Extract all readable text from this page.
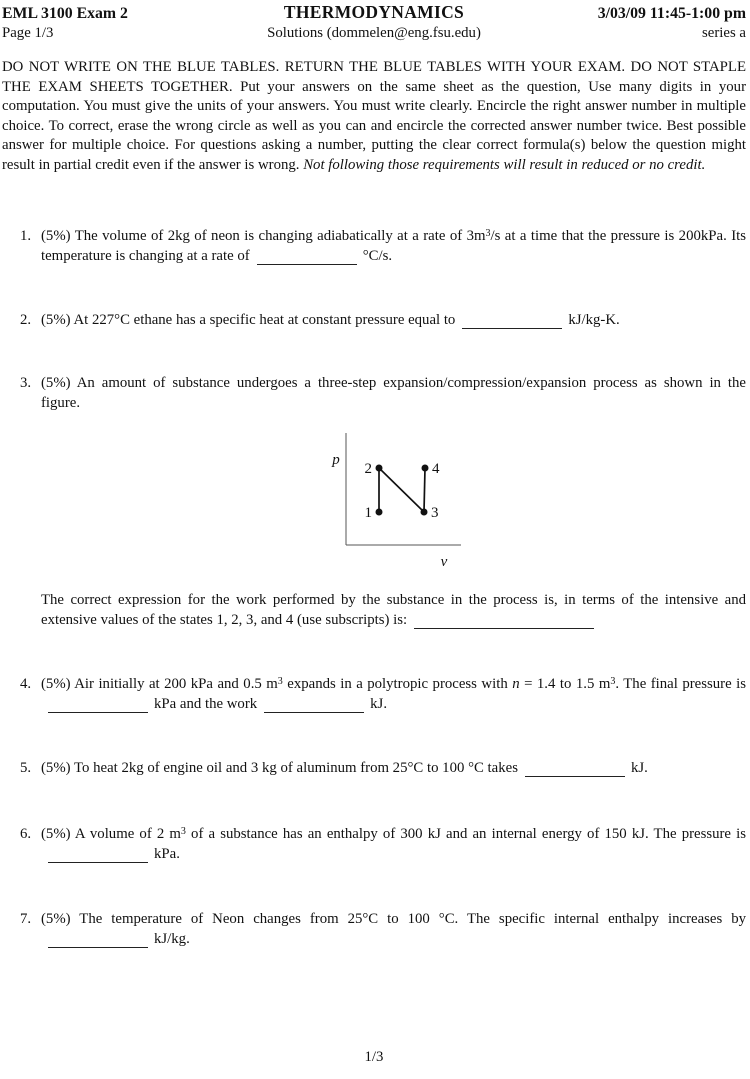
EML 3100 Exam 2	THERMODYNAMICS	3/03/09 11:45-1:00 pm
Page 1/3	Solutions (dommelen@eng.fsu.edu)	series a

DO NOT WRITE ON THE BLUE TABLES. RETURN THE BLUE TABLES WITH YOUR EXAM. DO NOT STAPLE THE EXAM SHEETS TOGETHER. Put your answers on the same sheet as the question, Use many digits in your computation. You must give the units of your answers. You must write clearly. Encircle the right answer number in multiple choice. To correct, erase the wrong circle as well as you can and encircle the corrected answer number twice. Best possible answer for multiple choice. For questions asking a number, putting the clear correct formula(s) below the question might result in partial credit even if the answer is wrong. Not following those requirements will result in reduced or no credit.

1. (5%) The volume of 2kg of neon is changing adiabatically at a rate of $3m^3/s$ at a time that the pressure is 200kPa. Its temperature is changing at a rate of	°C/s.
2. (5%) At 227°C ethane has a specific heat at constant pressure equal to	kJ/kg-K.
3. (5%) An amount of substance undergoes a three-step expansion/compression/expansion process as shown in the figure.
p
v
1
2
3
4
The correct expression for the work performed by the substance in the process is, in terms of the intensive and extensive values of the states 1, 2, 3, and 4 (use subscripts) is:
4. (5%) Air initially at 200 kPa and 0.5 $m^3$ expands in a polytropic process with n = 1.4 to 1.5 $m^3$. The final pressure iskPa and the work	kJ.
5. (5%) To heat 2kg of engine oil and 3 kg of aluminum from 25°C to 100 °C takes	kJ.
6. (5%) A volume of 2 $m^3$ of a substance has an enthalpy of 300 kJ and an internal energy of 150 kJ. The pressure iskPa.
7. (5%) The temperature of Neon changes from 25°C to 100 °C. The specific internal enthalpy increases bykJ/kg.
1/3
